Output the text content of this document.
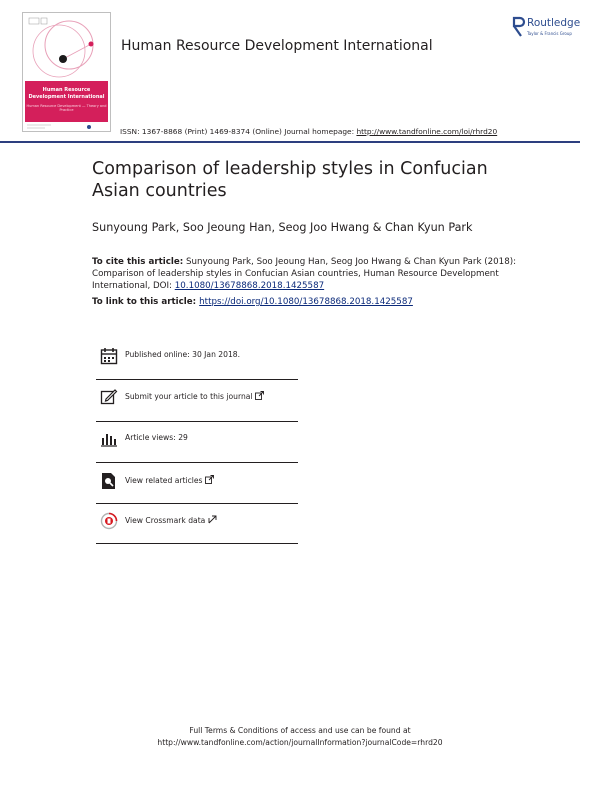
Human Resource
Development International
Human Resource Development — Theory and Practice
Human Resource Development International
Routledge
Taylor & Francis Group
ISSN: 1367-8868 (Print) 1469-8374 (Online) Journal homepage: http://www.tandfonline.com/loi/rhrd20
Comparison of leadership styles in Confucian Asian countries
Sunyoung Park, Soo Jeoung Han, Seog Joo Hwang & Chan Kyun Park
To cite this article: Sunyoung Park, Soo Jeoung Han, Seog Joo Hwang & Chan Kyun Park (2018): Comparison of leadership styles in Confucian Asian countries, Human Resource Development International, DOI: 10.1080/13678868.2018.1425587
To link to this article: https://doi.org/10.1080/13678868.2018.1425587
Published online: 30 Jan 2018.
Submit your article to this journal
Article views: 29
View related articles
View Crossmark data
Full Terms & Conditions of access and use can be found at
http://www.tandfonline.com/action/journalInformation?journalCode=rhrd20
